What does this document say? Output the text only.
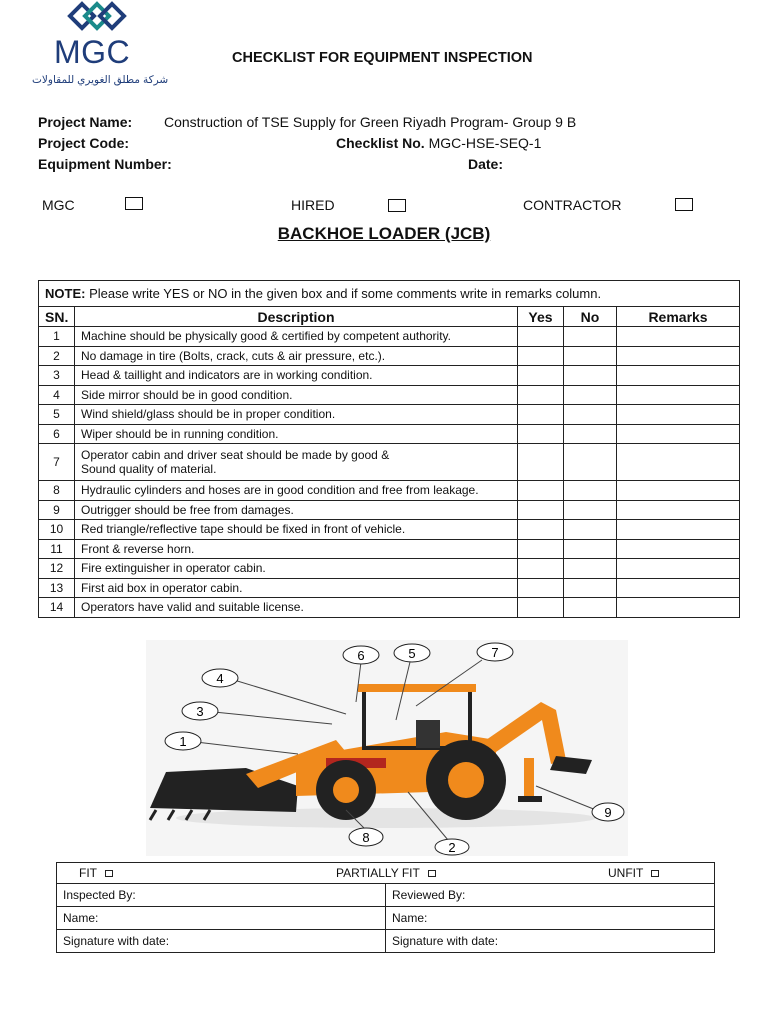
MGC
شركة مطلق الغويري للمقاولات
CHECKLIST FOR EQUIPMENT INSPECTION
Project Name: Construction of TSE Supply for Green Riyadh Program- Group 9 B
Project Code:	Checklist No. MGC-HSE-SEQ-1
Equipment Number:	Date:
MGC	HIRED	CONTRACTOR
BACKHOE LOADER (JCB)
NOTE: Please write YES or NO in the given box and if some comments write in remarks column.				
SN.	Description	Yes	No	Remarks
1	Machine should be physically good & certified by competent authority.			
2	No damage in tire (Bolts, crack, cuts & air pressure, etc.).			
3	Head & taillight and indicators are in working condition.			
4	Side mirror should be in good condition.			
5	Wind shield/glass should be in proper condition.			
6	Wiper should be in running condition.			
7	Operator cabin and driver seat should be made by good &
Sound quality of material.			

8	Hydraulic cylinders and hoses are in good condition and free from leakage.			
9	Outrigger should be free from damages.			
10	Red triangle/reflective tape should be fixed in front of vehicle.			
11	Front & reverse horn.			
12	Fire extinguisher in operator cabin.			
13	First aid box in operator cabin.			
14	Operators have valid and suitable license.			
6	5	7
4
3
1
9
8
2
FIT PARTIALLY FIT UNFIT	

Inspected By:	Reviewed By:
Name:	Name:
Signature with date:	Signature with date:
